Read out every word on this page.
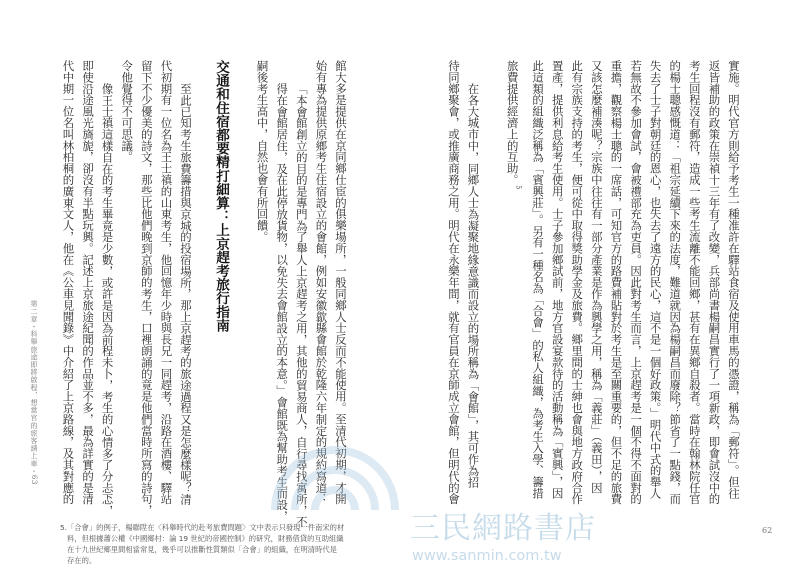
實施。明代官方則給予考生一種准許在驛站食宿及使用車馬的憑證，稱為「郵符」。但往
返皆補助的政策在崇禎十三年有了改變，兵部尚書楊嗣昌實行了一項新政，即會試沒中的
考生回程沒有郵符，造成一些考生流離不能回鄉，甚有在異鄉自殺者。當時在翰林院任官
的楊士聰感慨道：「祖宗延續下來的法度，難道就因為楊嗣昌而廢除？節省了一點錢，而
失去了士子對朝廷的恩心，也失去了遠方的民心，這不是一個好政策。」明代中式的舉人
若無故不參加會試，會被禮部充為吏員。因此對考生而言，上京趕考是一個不得不面對的
重擔，觀察楊士聰的一席話，可知官方的路費補貼對於考生是至關重要的，但不足的旅費
又該怎麼補湊呢？宗族中往往有一部分產業是作為興學之用，稱為「義莊」（義田），因
此有宗族支持的考生，便可從中取得獎助學金及旅費。鄉里間的士紳也會與地方政府合作
置產，提供利息給考生使用。士子參加鄉試前，地方官設宴款待的活動稱為「賓興」，因
此這類的組織泛稱為「賓興莊」。另有一種名為「合會」的私人組織，為考生入學、籌措
旅費提供經濟上的互助。$^5$
在各大城市中，同鄉人士為凝聚地緣意識而設立的場所稱為「會館」，其可作為招
待同鄉聚會，或推廣商務之用。明代在永樂年間，就有官員在京師成立會館，但明代的會
62
館大多是提供在京同鄉仕宦的俱樂場所，一般同鄉人士反而不能使用。至清代初期，才開
始有專為提供原鄉考生住宿設立的會館，例如安徽歙縣會館於乾隆六年制定的規約寫道：
「本會館創立的目的是專門為了舉人上京趕考之用，其他的貿易商人，自行尋找寓所，不
得在會館居住，及在此停放貨物，以免失去會館設立的本意。」會館既為幫助考生而設，
嗣後考生高中，自然也會有所回饋。
交通和住宿都要精打細算：上京趕考旅行指南
至此已知考生旅費籌措與京城的投宿場所，那上京趕考的旅途過程又是怎麼樣呢？清
代初期有一位名為王士禛的山東考生，他回憶年少時與長兄一同趕考，沿路在酒樓、驛站
留下不少優美的詩文，那些比他們晚到京師的考生，口裡朗誦的竟是他們當時所寫的詩句，
令他覺得不可思議。
像王士禛這樣自在的考生畢竟是少數，或許是因為前程未卜，考生的心情多了分忐忑，
即使沿途風光旖旎，卻沒有半點玩興。記述上京旅途紀聞的作品並不多，最為詳實的是清
代中期一位名叫林柏桐的廣東文人，他在《公車見聞錄》中介紹了上京路線，及其對應的
第二章・科舉旅途即將啟程，想當官的旅客請上車・63
5.「合會」的例子，楊聯陞在〈科舉時代的赴考旅費問題〉文中表示只發現一件南宋的材
料，但根據蕭公權《中國鄉村：論 19 世紀的帝國控制》的研究，財務借貸的互助組織
在十九世紀鄉里間相當常見，幾乎可以推斷性質類似「合會」的組織，在明清時代是
存在的。
三民網路書店
www.sanmin.com.tw
